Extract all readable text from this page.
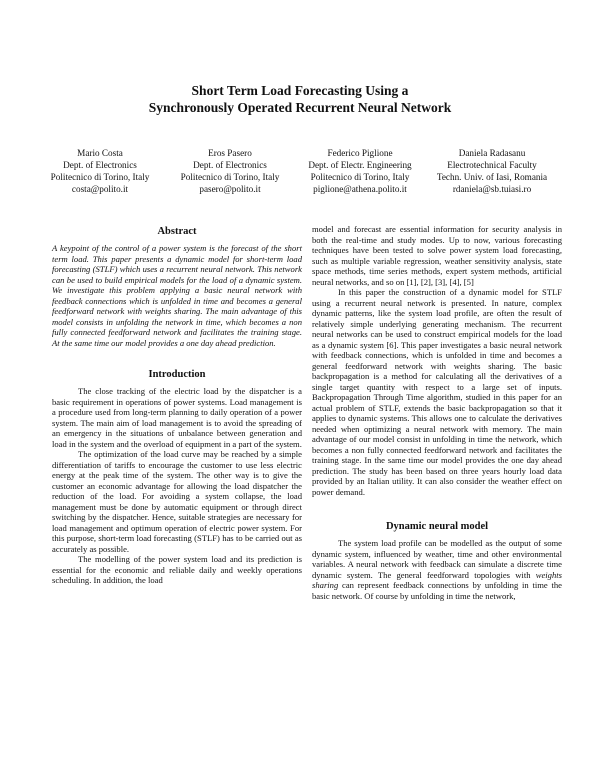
Short Term Load Forecasting Using a
Synchronously Operated Recurrent Neural Network
Mario Costa
Dept. of Electronics
Politecnico di Torino, Italy
costa@polito.it
Eros Pasero
Dept. of Electronics
Politecnico di Torino, Italy
pasero@polito.it
Federico Piglione
Dept. of Electr. Engineering
Politecnico di Torino, Italy
piglione@athena.polito.it
Daniela Radasanu
Electrotechnical Faculty
Techn. Univ. of Iasi, Romania
rdaniela@sb.tuiasi.ro
Abstract

A keypoint of the control of a power system is the forecast of the short term load. This paper presents a dynamic model for short-term load forecasting (STLF) which uses a recurrent neural network. This network can be used to build empirical models for the load of a dynamic system. We investigate this problem applying a basic neural network with feedback connections which is unfolded in time and becomes a general feedforward network with weights sharing. The main advantage of this model consists in unfolding the network in time, which becomes a non fully connected feedforward network and facilitates the training stage. At the same time our model provides a one day ahead prediction.

Introduction

The close tracking of the electric load by the dispatcher is a basic requirement in operations of power systems. Load management is a procedure used from long-term planning to daily operation of a power system. The main aim of load management is to avoid the spreading of an emergency in the situations of unbalance between generation and load in the system and the overload of equipment in a part of the system.

The optimization of the load curve may be reached by a simple differentiation of tariffs to encourage the customer to use less electric energy at the peak time of the system. The other way is to give the customer an economic advantage for allowing the load dispatcher the reduction of the load. For avoiding a system collapse, the load management must be done by automatic equipment or through direct switching by the dispatcher. Hence, suitable strategies are necessary for load management and optimum operation of electric power system. For this purpose, short-term load forecasting (STLF) has to be carried out as accurately as possible.

The modelling of the power system load and its prediction is essential for the economic and reliable daily and weekly operations scheduling. In addition, the load

model and forecast are essential information for security analysis in both the real-time and study modes. Up to now, various forecasting techniques have been tested to solve power system load forecasting, such as multiple variable regression, weather sensitivity analysis, state space methods, time series methods, expert system methods, artificial neural networks, and so on [1], [2], [3], [4], [5]

In this paper the construction of a dynamic model for STLF using a recurrent neural network is presented. In nature, complex dynamic patterns, like the system load profile, are often the result of relatively simple underlying generating mechanism. The recurrent neural networks can be used to construct empirical models for the load as a dynamic system [6]. This paper investigates a basic neural network with feedback connections, which is unfolded in time and becomes a general feedforward network with weights sharing. The basic backpropagation is a method for calculating all the derivatives of a single target quantity with respect to a large set of inputs. Backpropagation Through Time algorithm, studied in this paper for an actual problem of STLF, extends the basic backpropagation so that it applies to dynamic systems. This allows one to calculate the derivatives needed when optimizing a neural network with memory. The main advantage of our model consist in unfolding in time the network, which becomes a non fully connected feedforward network and facilitates the training stage. In the same time our model provides the one day ahead prediction. The study has been based on three years hourly load data provided by an Italian utility. It can also consider the weather effect on power demand.

Dynamic neural model

The system load profile can be modelled as the output of some dynamic system, influenced by weather, time and other environmental variables. A neural network with feedback can simulate a discrete time dynamic system. The general feedforward topologies with weights sharing can represent feedback connections by unfolding in time the basic network. Of course by unfolding in time the network,
